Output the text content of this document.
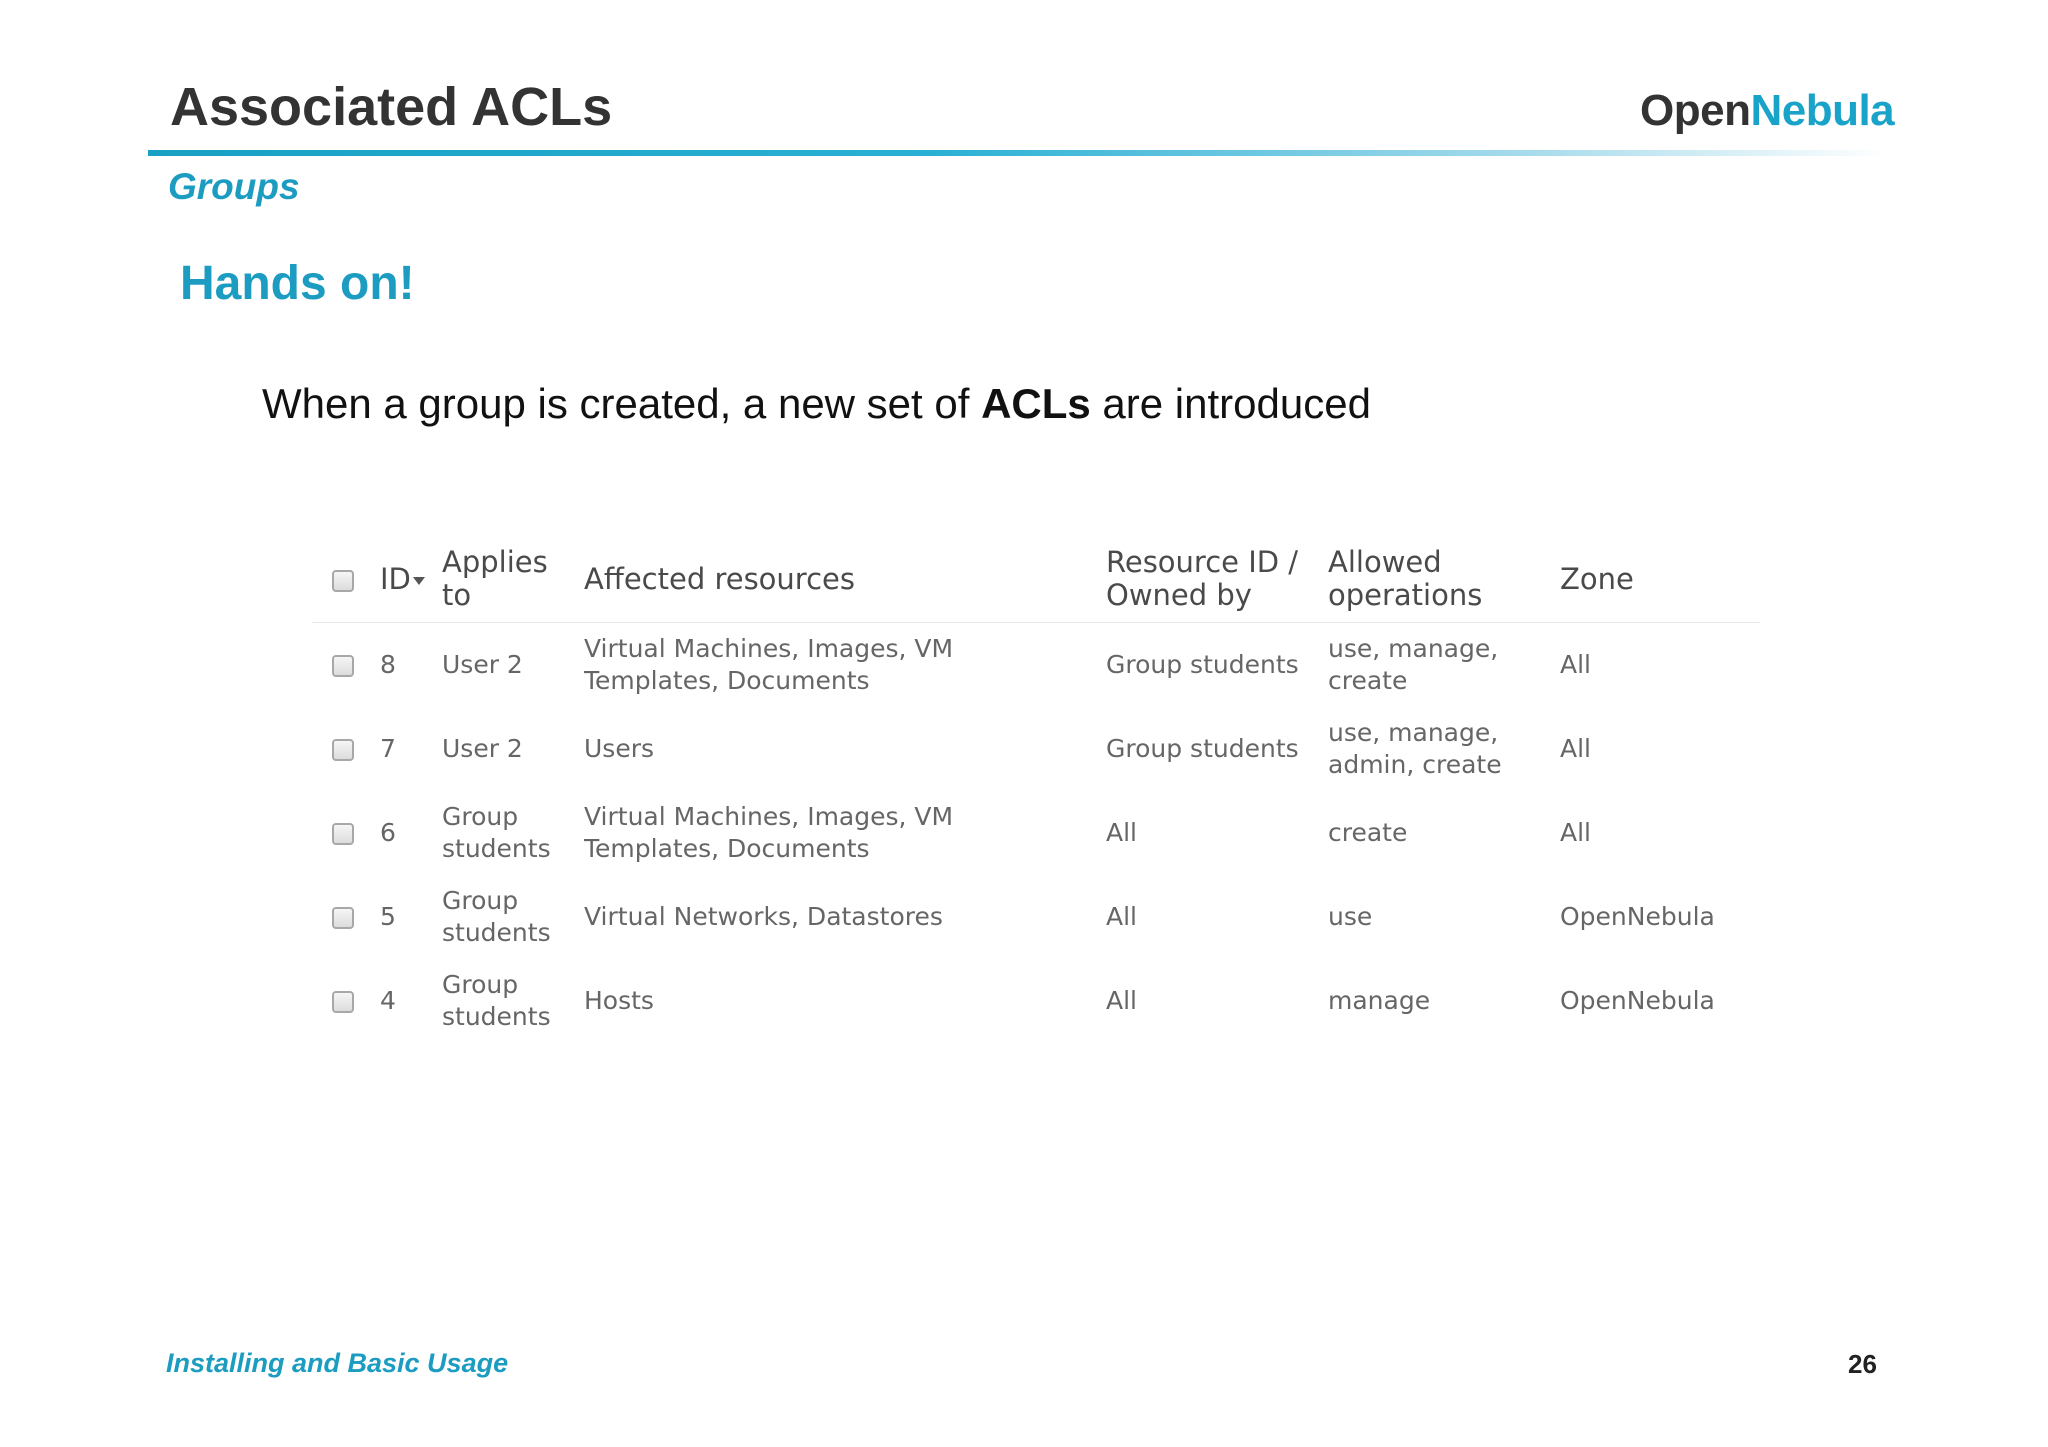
Associated ACLs	OpenNebula
Groups
Hands on!
When a group is created, a new set of ACLs are introduced
	ID	Applies to	Affected resources	Resource ID / Owned by	Allowed operations	Zone
	8	User 2	Virtual Machines, Images, VM Templates, Documents	Group students	use, manage, create	All
	7	User 2	Users	Group students	use, manage, admin, create	All
	6	Group students	Virtual Machines, Images, VM Templates, Documents	All	create	All
	5	Group students	Virtual Networks, Datastores	All	use	OpenNebula
	4	Group students	Hosts	All	manage	OpenNebula
Installing and Basic Usage	26
